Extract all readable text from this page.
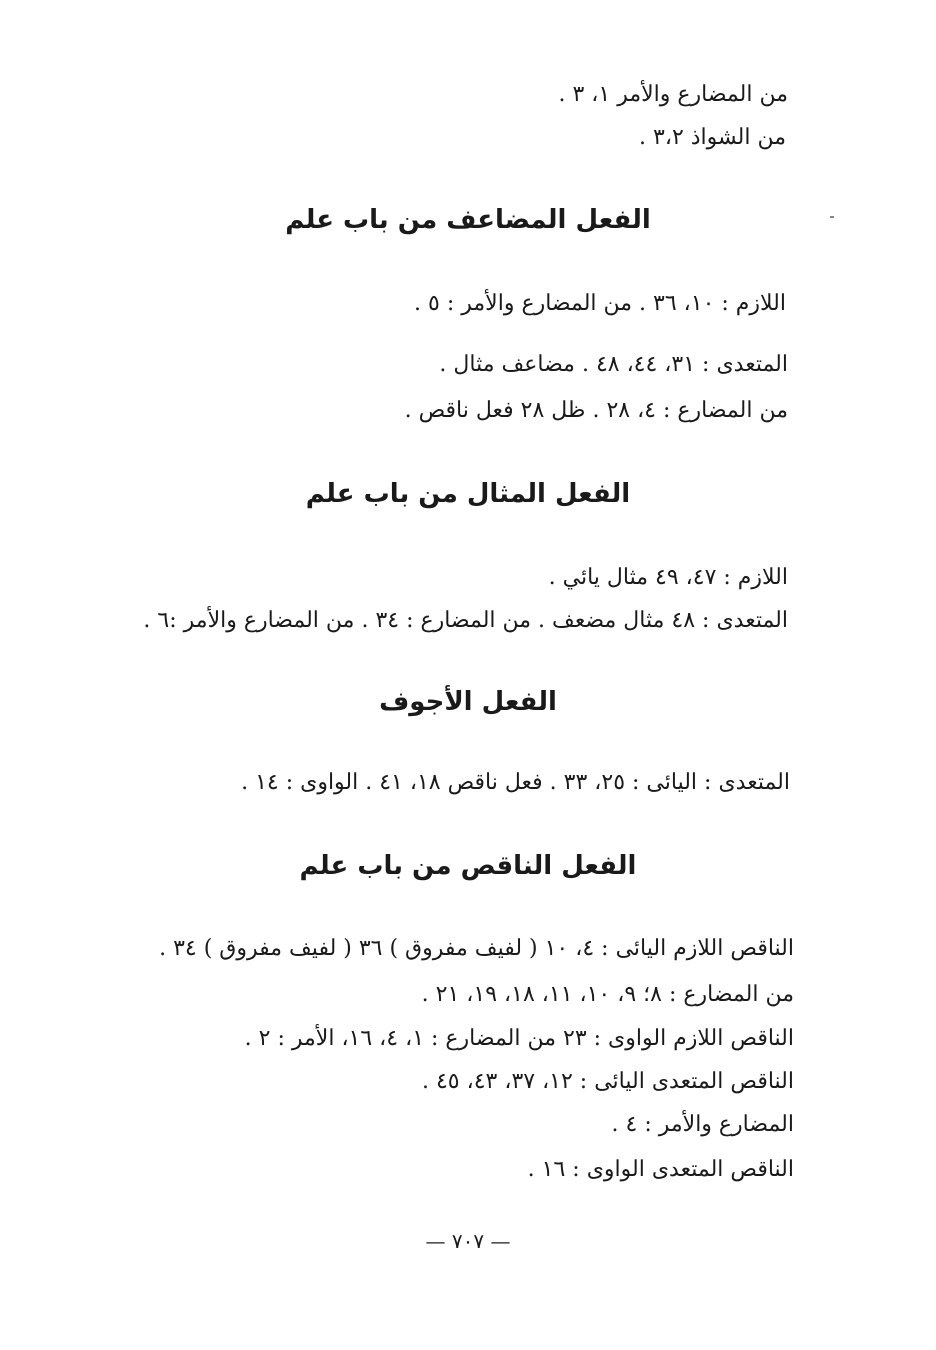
من المضارع والأمر ١، ٣ .
من الشواذ ٣،٢ .
الفعل المضاعف من باب علم
اللازم : ١٠، ٣٦ . من المضارع والأمر : ٥ .
المتعدى : ٣١، ٤٤، ٤٨ . مضاعف مثال .
من المضارع : ٤، ٢٨ . ظل ٢٨ فعل ناقص .
الفعل المثال من باب علم
اللازم : ٤٧، ٤٩ مثال يائي .
المتعدى : ٤٨ مثال مضعف . من المضارع : ٣٤ . من المضارع والأمر :٦ .
الفعل الأجوف
المتعدى : اليائى : ٢٥، ٣٣ . فعل ناقص ١٨، ٤١ . الواوى : ١٤ .
الفعل الناقص من باب علم
الناقص اللازم اليائى : ٤، ١٠ ( لفيف مفروق ) ٣٦ ( لفيف مفروق ) ٣٤ .
من المضارع : ٨؛ ٩، ١٠، ١١، ١٨، ١٩، ٢١ .
الناقص اللازم الواوى : ٢٣ من المضارع : ١، ٤، ١٦، الأمر : ٢ .
الناقص المتعدى اليائى : ١٢، ٣٧، ٤٣، ٤٥ .
المضارع والأمر : ٤ .
الناقص المتعدى الواوى : ١٦ .
— ٧٠٧ —
